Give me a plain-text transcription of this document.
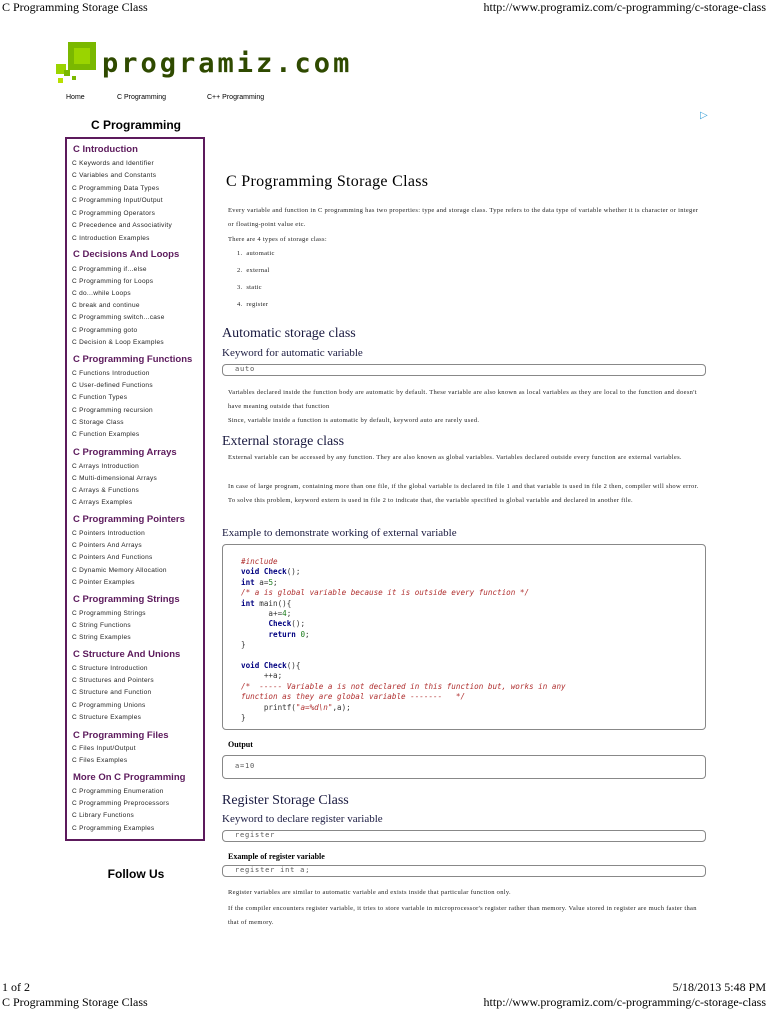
C Programming Storage Class	http://www.programiz.com/c-programming/c-storage-class
programiz.com
Home	C Programming	C++ Programming
▷
C Programming
C Introduction
C Keywords and Identifier
C Variables and Constants
C Programming Data Types
C Programming Input/Output
C Programming Operators
C Precedence and Associativity
C Introduction Examples
C Decisions And Loops
C Programming if...else
C Programming for Loops
C do...while Loops
C break and continue
C Programming switch...case
C Programming goto
C Decision & Loop Examples
C Programming Functions
C Functions Introduction
C User-defined Functions
C Function Types
C Programming recursion
C Storage Class
C Function Examples
C Programming Arrays
C Arrays Introduction
C Multi-dimensional Arrays
C Arrays & Functions
C Arrays Examples
C Programming Pointers
C Pointers Introduction
C Pointers And Arrays
C Pointers And Functions
C Dynamic Memory Allocation
C Pointer Examples
C Programming Strings
C Programming Strings
C String Functions
C String Examples
C Structure And Unions
C Structure Introduction
C Structures and Pointers
C Structure and Function
C Programming Unions
C Structure Examples
C Programming Files
C Files Input/Output
C Files Examples
More On C Programming
C Programming Enumeration
C Programming Preprocessors
C Library Functions
C Programming Examples
Follow Us
C Programming Storage Class
Every variable and function in C programming has two properties: type and storage class. Type refers to the data type of variable whether it is character or integer or floating-point value etc.
There are 4 types of storage class:
1.  automatic
2.  external
3.  static
4.  register
Automatic storage class
Keyword for automatic variable
auto
Variables declared inside the function body are automatic by default. These variable are also known as local variables as they are local to the function and doesn't have meaning outside that function
Since, variable inside a function is automatic by default, keyword auto are rarely used.
External storage class
External variable can be accessed by any function. They are also known as global variables. Variables declared outside every function are external variables.
In case of large program, containing more than one file, if the global variable is declared in file 1 and that variable is used in file 2 then, compiler will show error. To solve this problem, keyword extern is used in file 2 to indicate that, the variable specified is global variable and declared in another file.
Example to demonstrate working of external variable
#include
void Check();
int a=5;
/* a is global variable because it is outside every function */
int main(){
a+=4;
Check();
return 0;
}

void Check(){
++a;
/*  ----- Variable a is not declared in this function but, works in any
function as they are global variable -------   */
printf("a=%d\n",a);
}
Output
a=10
Register Storage Class
Keyword to declare register variable
register
Example of register variable
register int a;
Register variables are similar to automatic variable and exists inside that particular function only.
If the compiler encounters register variable, it tries to store variable in microprocessor's register rather than memory. Value stored in register are much faster than that of memory.
1 of 2
C Programming Storage Class
5/18/2013 5:48 PM
http://www.programiz.com/c-programming/c-storage-class
